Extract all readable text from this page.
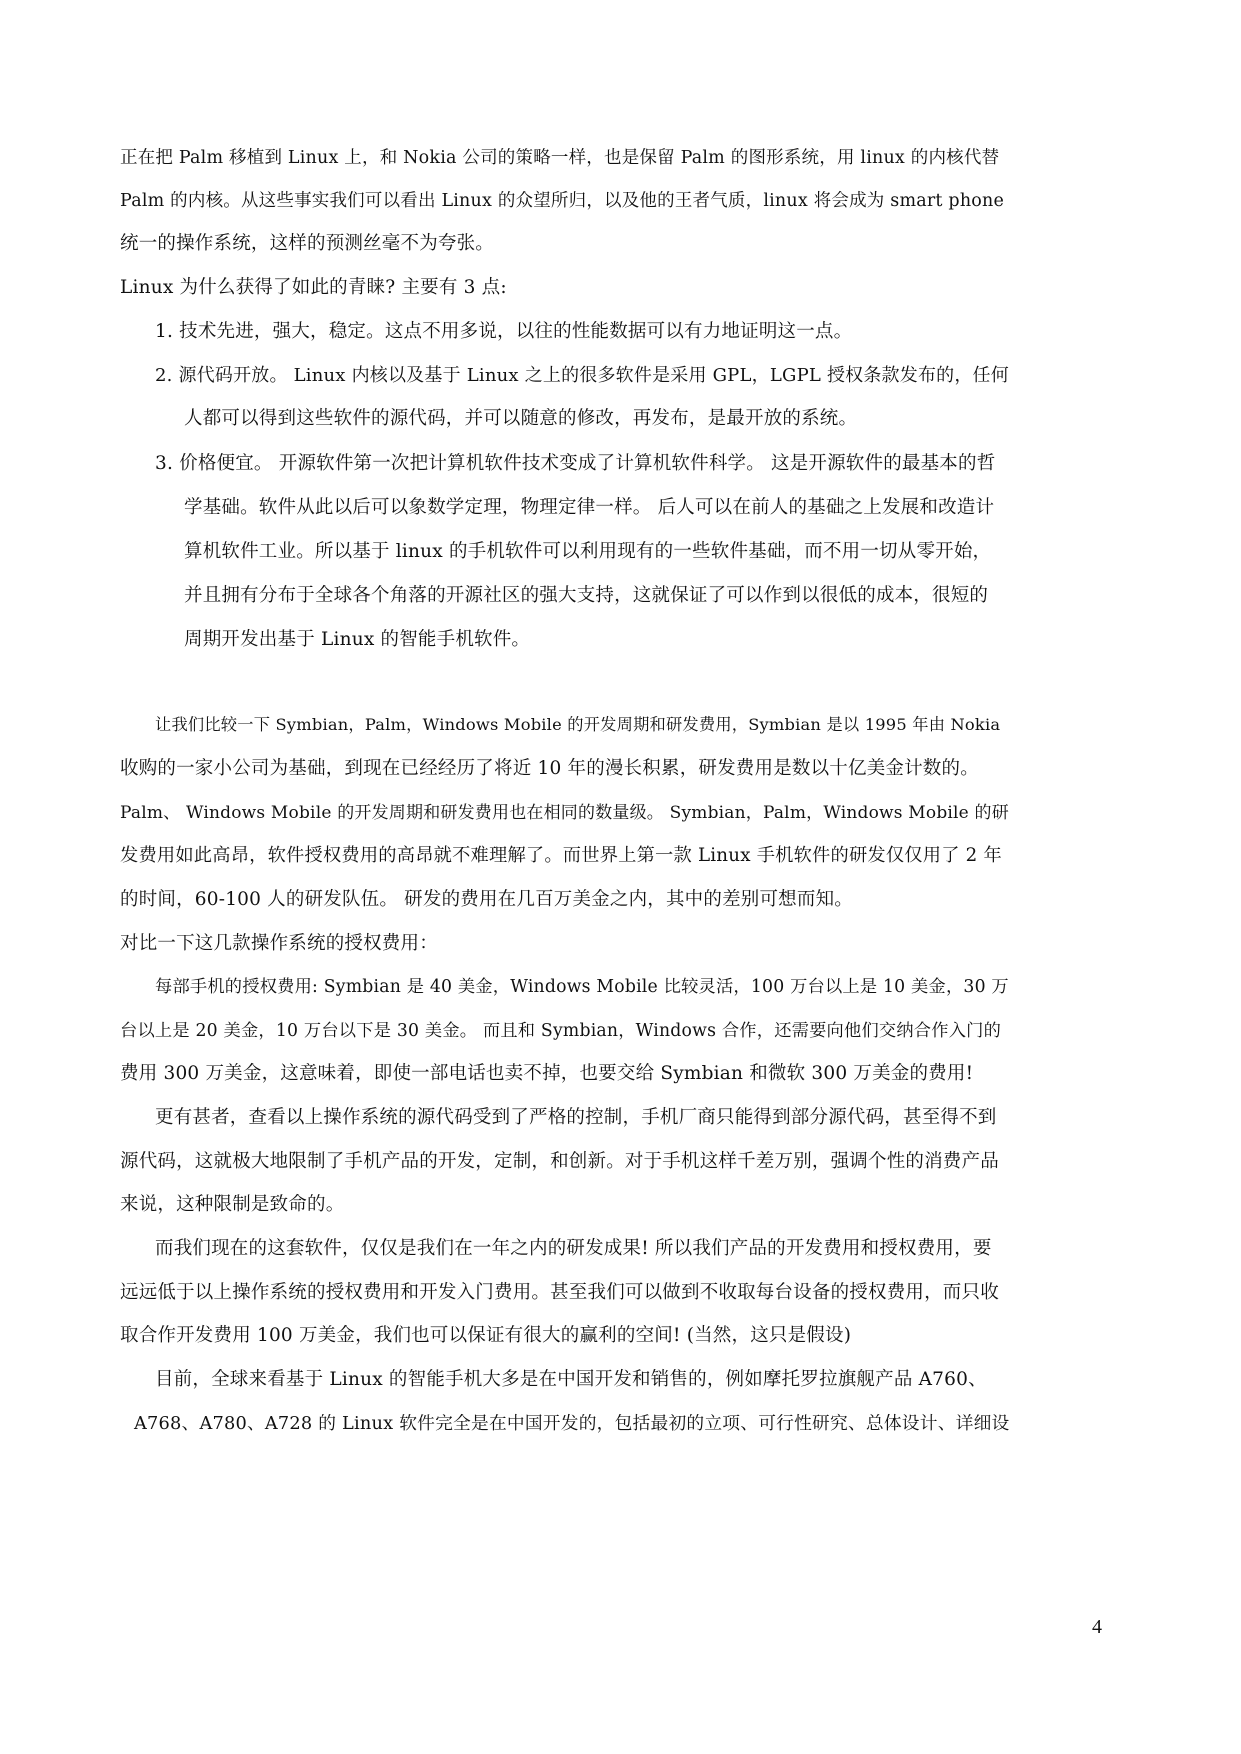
正在把 Palm 移植到 Linux 上，和 Nokia 公司的策略一样，也是保留 Palm 的图形系统，用 linux 的内核代替
Palm 的内核。从这些事实我们可以看出 Linux 的众望所归，以及他的王者气质，linux 将会成为 smart phone
统一的操作系统，这样的预测丝毫不为夸张。
Linux 为什么获得了如此的青睐? 主要有 3 点:
1. 技术先进，强大，稳定。这点不用多说，以往的性能数据可以有力地证明这一点。
2. 源代码开放。 Linux 内核以及基于 Linux 之上的很多软件是采用 GPL，LGPL 授权条款发布的，任何
人都可以得到这些软件的源代码，并可以随意的修改，再发布，是最开放的系统。
3. 价格便宜。 开源软件第一次把计算机软件技术变成了计算机软件科学。 这是开源软件的最基本的哲
学基础。软件从此以后可以象数学定理，物理定律一样。 后人可以在前人的基础之上发展和改造计
算机软件工业。所以基于 linux 的手机软件可以利用现有的一些软件基础，而不用一切从零开始，
并且拥有分布于全球各个角落的开源社区的强大支持，这就保证了可以作到以很低的成本，很短的
周期开发出基于 Linux 的智能手机软件。
让我们比较一下 Symbian，Palm，Windows Mobile 的开发周期和研发费用，Symbian 是以 1995 年由 Nokia
收购的一家小公司为基础，到现在已经经历了将近 10 年的漫长积累，研发费用是数以十亿美金计数的。
Palm、 Windows Mobile 的开发周期和研发费用也在相同的数量级。 Symbian，Palm，Windows Mobile 的研
发费用如此高昂，软件授权费用的高昂就不难理解了。而世界上第一款 Linux 手机软件的研发仅仅用了 2 年
的时间，60-100 人的研发队伍。 研发的费用在几百万美金之内，其中的差别可想而知。
对比一下这几款操作系统的授权费用：
每部手机的授权费用: Symbian 是 40 美金，Windows Mobile 比较灵活，100 万台以上是 10 美金，30 万
台以上是 20 美金，10 万台以下是 30 美金。 而且和 Symbian，Windows 合作，还需要向他们交纳合作入门的
费用 300 万美金，这意味着，即使一部电话也卖不掉，也要交给 Symbian 和微软 300 万美金的费用!
更有甚者，查看以上操作系统的源代码受到了严格的控制，手机厂商只能得到部分源代码，甚至得不到
源代码，这就极大地限制了手机产品的开发，定制，和创新。对于手机这样千差万别，强调个性的消费产品
来说，这种限制是致命的。
而我们现在的这套软件，仅仅是我们在一年之内的研发成果! 所以我们产品的开发费用和授权费用，要
远远低于以上操作系统的授权费用和开发入门费用。甚至我们可以做到不收取每台设备的授权费用，而只收
取合作开发费用 100 万美金，我们也可以保证有很大的赢利的空间! (当然，这只是假设)
目前，全球来看基于 Linux 的智能手机大多是在中国开发和销售的，例如摩托罗拉旗舰产品 A760、
A768、A780、A728 的 Linux 软件完全是在中国开发的，包括最初的立项、可行性研究、总体设计、详细设
4
